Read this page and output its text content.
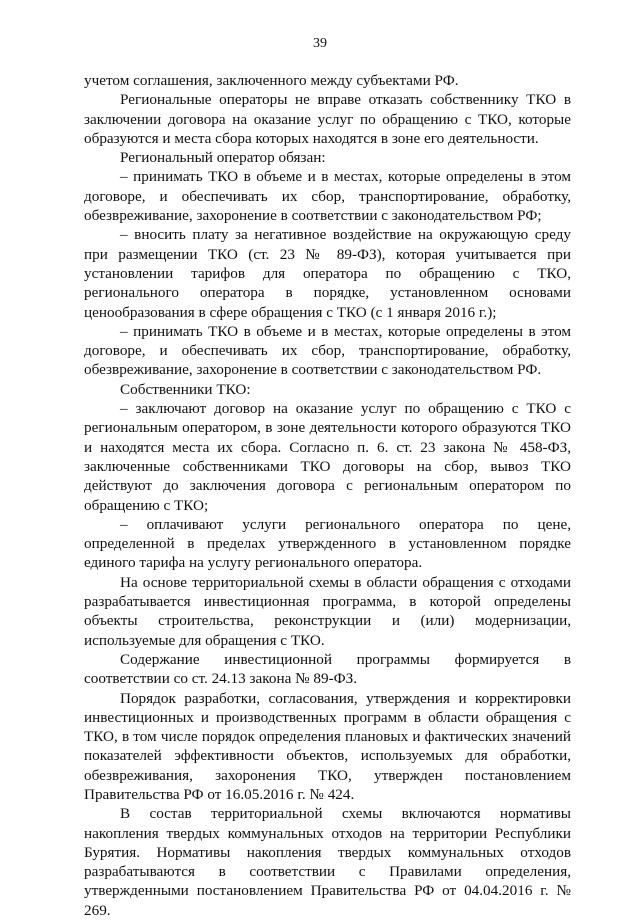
39

учетом соглашения, заключенного между субъектами РФ.

Региональные операторы не вправе отказать собственнику ТКО в заключении договора на оказание услуг по обращению с ТКО, которые образуются и места сбора которых находятся в зоне его деятельности.

Региональный оператор обязан:

– принимать ТКО в объеме и в местах, которые определены в этом договоре, и обеспечивать их сбор, транспортирование, обработку, обезвреживание, захоронение в соответствии с законодательством РФ;

– вносить плату за негативное воздействие на окружающую среду при размещении ТКО (ст. 23 № 89-ФЗ), которая учитывается при установлении тарифов для оператора по обращению с ТКО, регионального оператора в порядке, установленном основами ценообразования в сфере обращения с ТКО (с 1 января 2016 г.);

– принимать ТКО в объеме и в местах, которые определены в этом договоре, и обеспечивать их сбор, транспортирование, обработку, обезвреживание, захоронение в соответствии с законодательством РФ.

Собственники ТКО:

– заключают договор на оказание услуг по обращению с ТКО с региональным оператором, в зоне деятельности которого образуются ТКО и находятся места их сбора. Согласно п. 6. ст. 23 закона № 458-ФЗ, заключенные собственниками ТКО договоры на сбор, вывоз ТКО действуют до заключения договора с региональным оператором по обращению с ТКО;

– оплачивают услуги регионального оператора по цене, определенной в пределах утвержденного в установленном порядке единого тарифа на услугу регионального оператора.

На основе территориальной схемы в области обращения с отходами разрабатывается инвестиционная программа, в которой определены объекты строительства, реконструкции и (или) модернизации, используемые для обращения с ТКО.

Содержание инвестиционной программы формируется в соответствии со ст. 24.13 закона № 89-ФЗ.

Порядок разработки, согласования, утверждения и корректировки инвестиционных и производственных программ в области обращения с ТКО, в том числе порядок определения плановых и фактических значений показателей эффективности объектов, используемых для обработки, обезвреживания, захоронения ТКО, утвержден постановлением Правительства РФ от 16.05.2016 г. № 424.

В состав территориальной схемы включаются нормативы накопления твердых коммунальных отходов на территории Республики Бурятия. Нормативы накопления твердых коммунальных отходов разрабатываются в соответствии с Правилами определения, утвержденными постановлением Правительства РФ от 04.04.2016 г. № 269.
